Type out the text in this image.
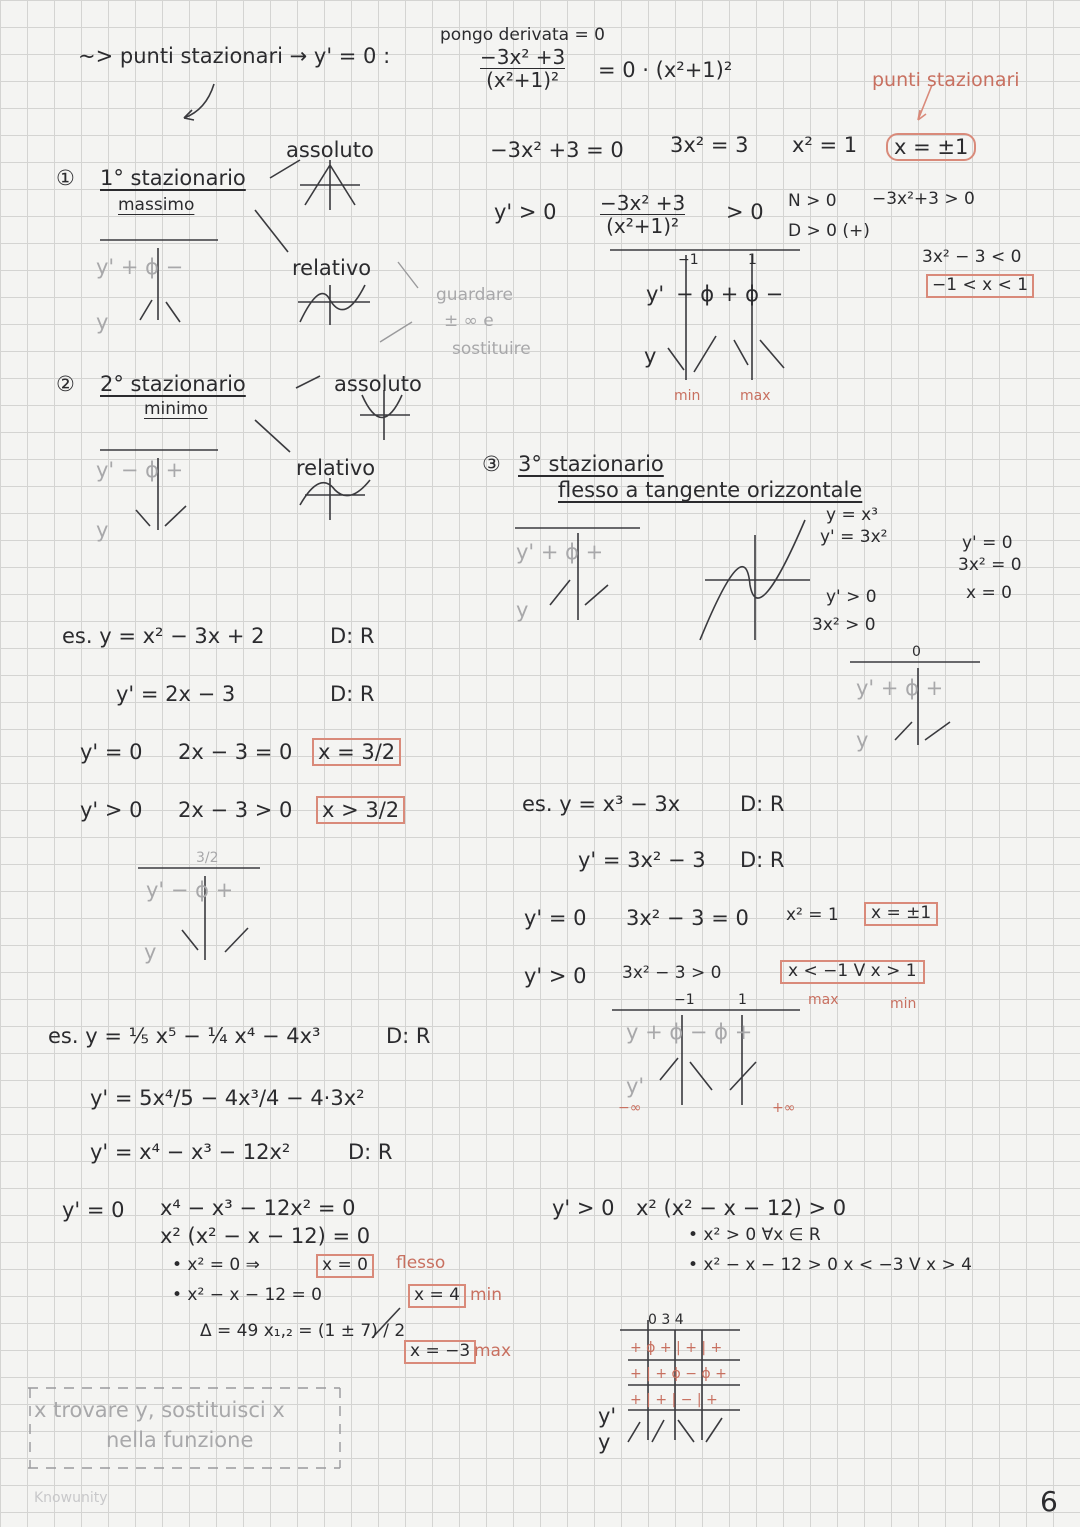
~> punti stazionari → y' = 0 :
pongo derivata = 0
−3x² +3
(x²+1)² = 0 · (x²+1)²	punti stazionari
−3x² +3 = 0 3x² = 3 x² = 1	x = ±1
① 1° stazionario
massimo
assoluto
relativo
y' + ϕ −
y
y' > 0 −3x² +3
(x²+1)²
> 0 N > 0
D > 0 (+)
−3x²+3 > 0
3x² − 3 < 0
−1 < x < 1
guardare
± ∞ e
sostituire
−1	1
y' − ϕ + ϕ −
y
min	max
② 2° stazionario
minimo
assoluto
relativo
y' − ϕ +
y
③ 3° stazionario
flesso a tangente orizzontale
y' + ϕ +
y
y = x³
y' = 3x²	y' = 0
3x² = 0
x = 0
y' > 0
3x² > 0
0
y' + ϕ +
y
es. y = x² − 3x + 2	D: R
y' = 2x − 3	D: R
y' = 0 2x − 3 = 0 x = 3/2
y' > 0 2x − 3 > 0 x > 3/2
3/2
y' − ϕ +
y
es. y = x³ − 3x	D: R
y' = 3x² − 3 D: R
y' = 0 3x² − 3 = 0 x² = 1	x = ±1
y' > 0 3x² − 3 > 0	x < −1 V x > 1
max	min
−1	1
y + ϕ − ϕ +
y'
−∞	+∞
es. y = ⅕ x⁵ − ¼ x⁴ − 4x³	D: R
y' = 5x⁴/5 − 4x³/4 − 4·3x²
y' = x⁴ − x³ − 12x²	D: R
y' = 0 x⁴ − x³ − 12x² = 0
x² (x² − x − 12) = 0
• x² = 0 ⇒	x = 0	flesso
• x² − x − 12 = 0	x = 4 min
Δ = 49 x₁,₂ = (1 ± 7) / 2
x = −3 max
y' > 0 x² (x² − x − 12) > 0
• x² > 0 ∀x ∈ R
• x² − x − 12 > 0 x < −3 V x > 4
0 3 4
+ ϕ + | + | +
+ | + ϕ − ϕ +
+ | + | − | +
y'
y
x trovare y, sostituisci x
nella funzione
Knowunity	6
